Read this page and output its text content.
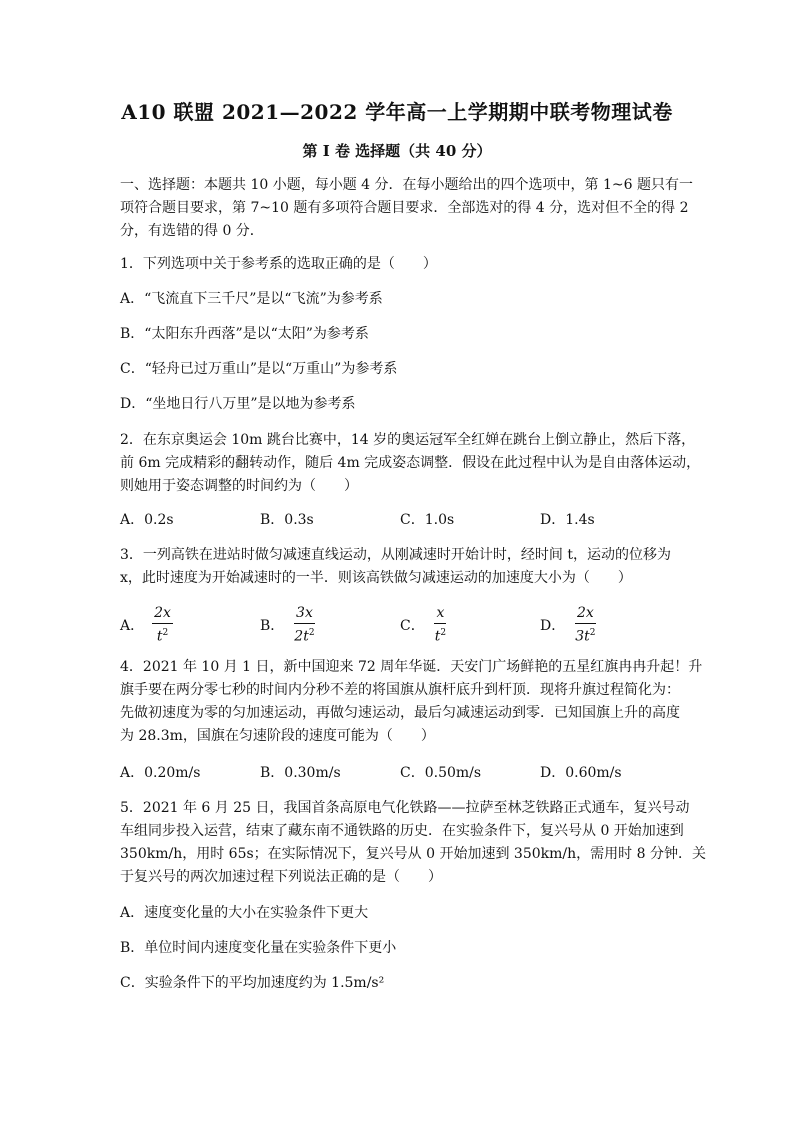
A10 联盟 2021—2022 学年高一上学期期中联考物理试卷
第 I 卷 选择题（共 40 分）
一、选择题：本题共 10 小题，每小题 4 分．在每小题给出的四个选项中，第 1~6 题只有一
项符合题目要求，第 7~10 题有多项符合题目要求．全部选对的得 4 分，选对但不全的得 2
分，有选错的得 0 分．
1．下列选项中关于参考系的选取正确的是（　　）
A．“飞流直下三千尺”是以“飞流”为参考系
B．“太阳东升西落”是以“太阳”为参考系
C．“轻舟已过万重山”是以“万重山”为参考系
D．“坐地日行八万里”是以地为参考系
2．在东京奥运会 10m 跳台比赛中，14 岁的奥运冠军全红婵在跳台上倒立静止，然后下落，
前 6m 完成精彩的翻转动作，随后 4m 完成姿态调整．假设在此过程中认为是自由落体运动，
则她用于姿态调整的时间约为（　　）
A．0.2s	B．0.3s	C．1.0s	D．1.4s
3．一列高铁在进站时做匀减速直线运动，从刚减速时开始计时，经时间 t，运动的位移为
x，此时速度为开始减速时的一半．则该高铁做匀减速运动的加速度大小为（　　）
A． $\frac{2x}{t^2}$	B． $\frac{3x}{2t^2}$	C． $\frac{x}{t^2}$	D． $\frac{2x}{3t^2}$
4．2021 年 10 月 1 日，新中国迎来 72 周年华诞．天安门广场鲜艳的五星红旗冉冉升起！升
旗手要在两分零七秒的时间内分秒不差的将国旗从旗杆底升到杆顶．现将升旗过程简化为：
先做初速度为零的匀加速运动，再做匀速运动，最后匀减速运动到零．已知国旗上升的高度
为 28.3m，国旗在匀速阶段的速度可能为（　　）
A．0.20m/s	B．0.30m/s	C．0.50m/s	D．0.60m/s
5．2021 年 6 月 25 日，我国首条高原电气化铁路——拉萨至林芝铁路正式通车，复兴号动
车组同步投入运营，结束了藏东南不通铁路的历史．在实验条件下，复兴号从 0 开始加速到
350km/h，用时 65s；在实际情况下，复兴号从 0 开始加速到 350km/h，需用时 8 分钟．关
于复兴号的两次加速过程下列说法正确的是（　　）
A．速度变化量的大小在实验条件下更大
B．单位时间内速度变化量在实验条件下更小
C．实验条件下的平均加速度约为 1.5m/s²
